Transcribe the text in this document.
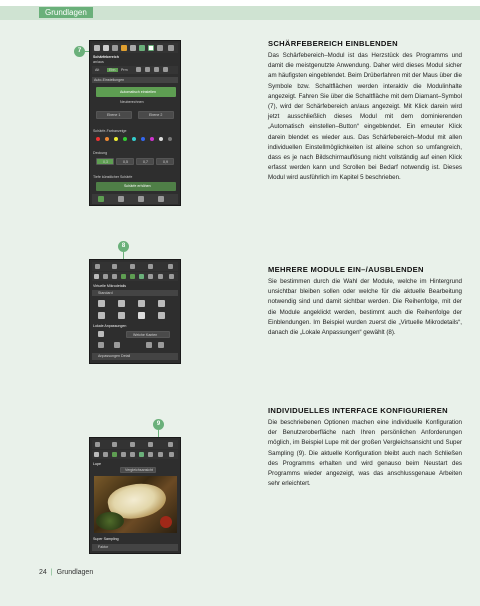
Grundlagen
7
Schärfebereich
an/aus
Alt	Ebn.	Prm
Auto-Einstellungen
Automatisch einstellen
Neuberechnen
Ebene 1	Ebene 2
Schärfe-Farbanzeige
Deckung
0,3	0,5	0,7	0,9
Tiefe künstlicher Schärfe
Schärfe erhöhen
8
Virtuelle Mikrodetails
Standard
Lokale Anpassungen
Weiche Kanten
Anpassungen Detail
9
Lupe
Vergleichsansicht
Super Sampling
Faktor
SCHÄRFEBEREICH EINBLENDEN

Das Schärfebereich–Modul ist das Herzstück des Programms und damit die meistgenutzte Anwendung. Daher wird dieses Modul sicher am häufigsten eingeblendet. Beim Drüberfahren mit der Maus über die Symbole bzw. Schaltflächen werden interaktiv die Modulinhalte angezeigt. Fahren Sie über die Schaltfläche mit dem Diamant–Symbol (7), wird der Schärfebereich an/aus angezeigt. Mit Klick darein wird jetzt ausschließlich dieses Modul mit dem dominierenden „Automatisch einstellen–Button“ eingeblendet. Ein erneuter Klick darein blendet es wieder aus. Das Schärfebereich–Modul mit allen individuellen Einstellmöglichkeiten ist alleine schon so umfangreich, dass es je nach Bildschirmauflösung nicht vollständig auf einen Klick erfasst werden kann und Scrollen bei Bedarf notwendig ist. Dieses Modul wird ausführlich im Kapitel 5 beschrieben.

MEHRERE MODULE EIN–/AUSBLENDEN

Sie bestimmen durch die Wahl der Module, welche im Hintergrund unsichtbar bleiben sollen oder welche für die aktuelle Bearbeitung notwendig sind und damit sichtbar werden. Die Reihenfolge, mit der die Module angeklickt werden, bestimmt auch die Reihenfolge der Einblendungen. Im Beispiel wurden zuerst die „Virtuelle Mikrodetails“, danach die „Lokale Anpassungen“ gewählt (8).

INDIVIDUELLES INTERFACE KONFIGURIEREN

Die beschriebenen Optionen machen eine individuelle Konfiguration der Benutzeroberfläche nach Ihren persönlichen Anforderungen möglich, im Beispiel Lupe mit der großen Vergleichsansicht und Super Sampling (9). Die aktuelle Konfiguration bleibt auch nach Schließen des Programms erhalten und wird genauso beim Neustart des Programms wieder angezeigt, was das anschlussgenaue Arbeiten sehr erleichtert.

24 | Grundlagen
